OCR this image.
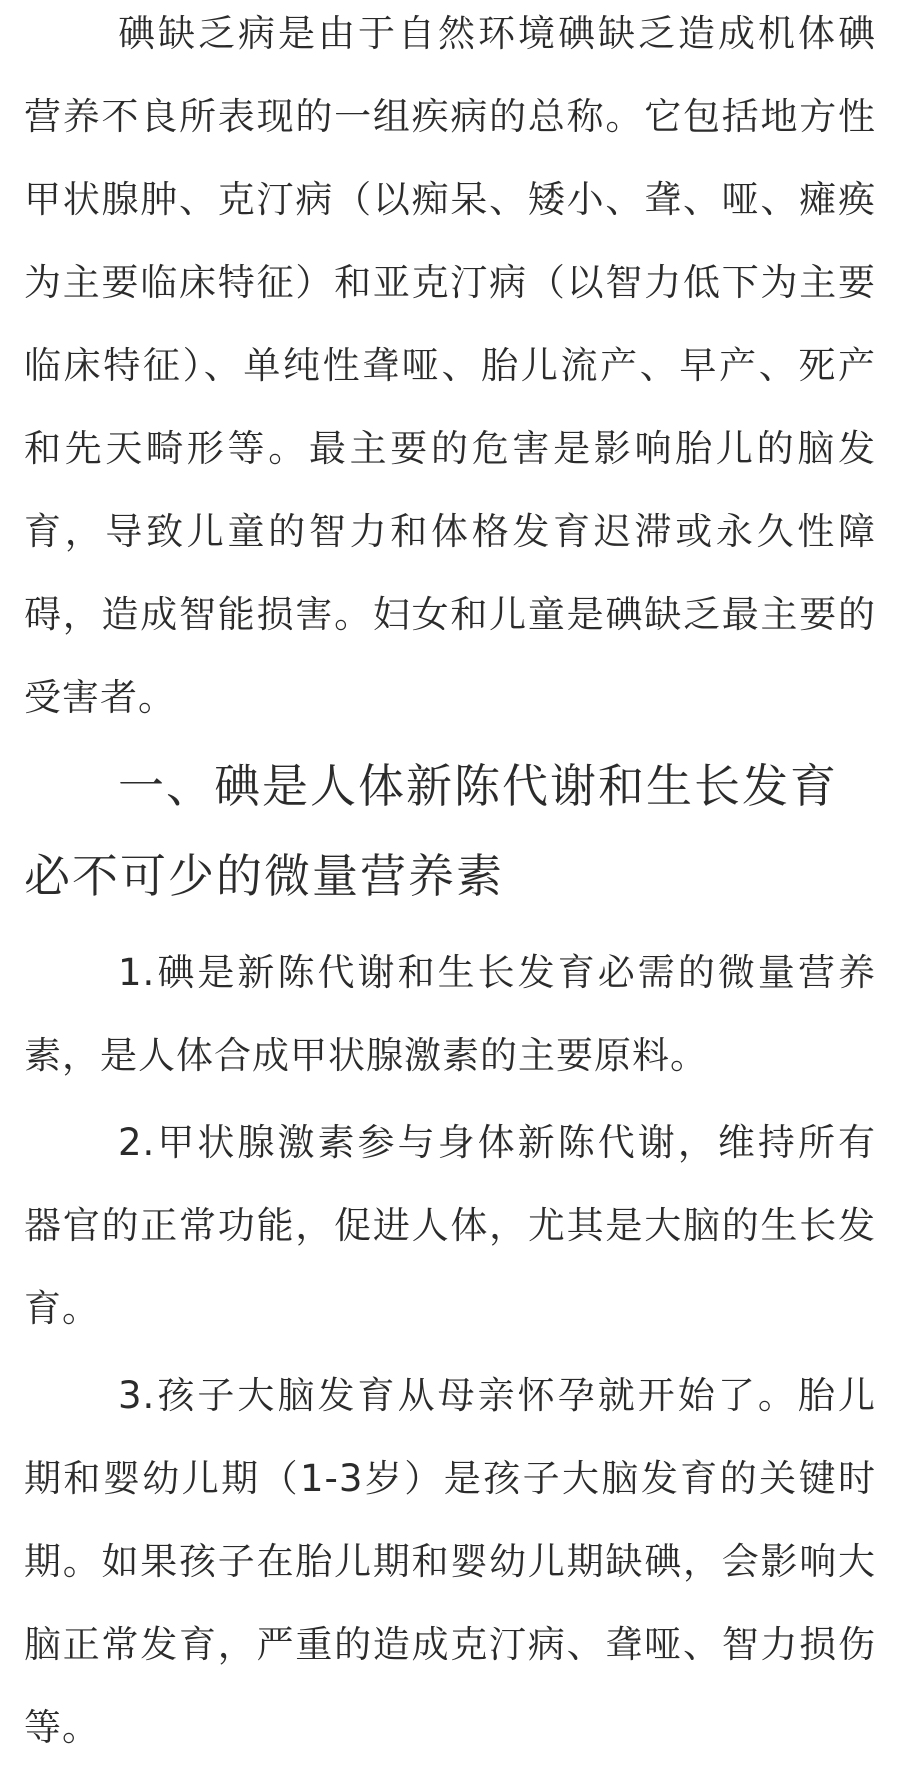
碘缺乏病是由于自然环境碘缺乏造成机体碘营养不良所表现的一组疾病的总称。它包括地方性甲状腺肿、克汀病（以痴呆、矮小、聋、哑、瘫痪为主要临床特征）和亚克汀病（以智力低下为主要临床特征）、单纯性聋哑、胎儿流产、早产、死产和先天畸形等。最主要的危害是影响胎儿的脑发育，导致儿童的智力和体格发育迟滞或永久性障碍，造成智能损害。妇女和儿童是碘缺乏最主要的受害者。

一、碘是人体新陈代谢和生长发育必不可少的微量营养素

1.碘是新陈代谢和生长发育必需的微量营养素，是人体合成甲状腺激素的主要原料。

2.甲状腺激素参与身体新陈代谢，维持所有器官的正常功能，促进人体，尤其是大脑的生长发育。

3.孩子大脑发育从母亲怀孕就开始了。胎儿期和婴幼儿期（1-3岁）是孩子大脑发育的关键时期。如果孩子在胎儿期和婴幼儿期缺碘，会影响大脑正常发育，严重的造成克汀病、聋哑、智力损伤等。
